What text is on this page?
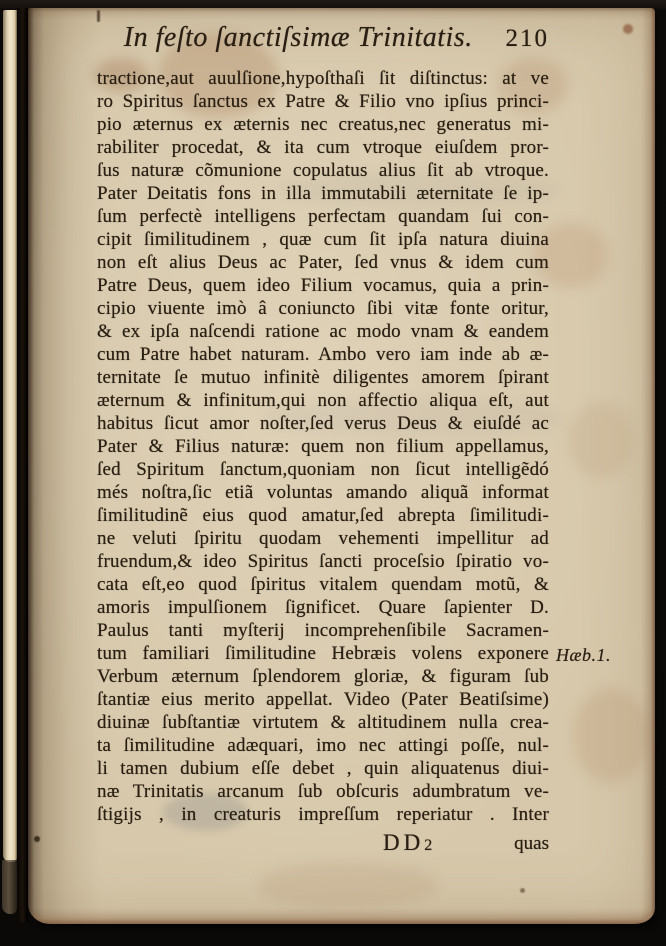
In feſto ſanctiſsimæ Trinitatis.	210
tractione,aut auulſione,hypoſthaſi ſit diſtinctus: at ve
ro Spiritus ſanctus ex Patre & Filio vno ipſius princi-
pio æternus ex æternis nec creatus,nec generatus mi-
rabiliter procedat, & ita cum vtroque eiuſdem pror-
ſus naturæ cõmunione copulatus alius ſit ab vtroque.
Pater Deitatis fons in illa immutabili æternitate ſe ip-
ſum perfectè intelligens perfectam quandam ſui con-
cipit ſimilitudinem , quæ cum ſit ipſa natura diuina
non eſt alius Deus ac Pater, ſed vnus & idem cum
Patre Deus, quem ideo Filium vocamus, quia a prin-
cipio viuente imò â coniuncto ſibi vitæ fonte oritur,
& ex ipſa naſcendi ratione ac modo vnam & eandem
cum Patre habet naturam. Ambo vero iam inde ab æ-
ternitate ſe mutuo infinitè diligentes amorem ſpirant
æternum & infinitum,qui non affectio aliqua eſt, aut
habitus ſicut amor noſter,ſed verus Deus & eiuſdé ac
Pater & Filius naturæ: quem non filium appellamus,
ſed Spiritum ſanctum,quoniam non ſicut intelligẽdó
més noſtra,ſic etiã voluntas amando aliquã informat
ſimilitudinẽ eius quod amatur,ſed abrepta ſimilitudi-
ne veluti ſpiritu quodam vehementi impellitur ad
fruendum,& ideo Spiritus ſancti proceſsio ſpiratio vo-
cata eſt,eo quod ſpiritus vitalem quendam motũ, &
amoris impulſionem ſignificet. Quare ſapienter D.
Paulus tanti myſterij incomprehenſibile Sacramen-
tum familiari ſimilitudine Hebræis volens exponere
Verbum æternum ſplendorem gloriæ, & figuram ſub
ſtantiæ eius merito appellat. Video (Pater Beatiſsime)
diuinæ ſubſtantiæ virtutem & altitudinem nulla crea-
ta ſimilitudine adæquari, imo nec attingi poſſe, nul-
li tamen dubium eſſe debet , quin aliquatenus diui-
næ Trinitatis arcanum ſub obſcuris adumbratum ve-
ſtigijs , in creaturis impreſſum reperiatur . Inter
DD2	quas
Hæb.1.
